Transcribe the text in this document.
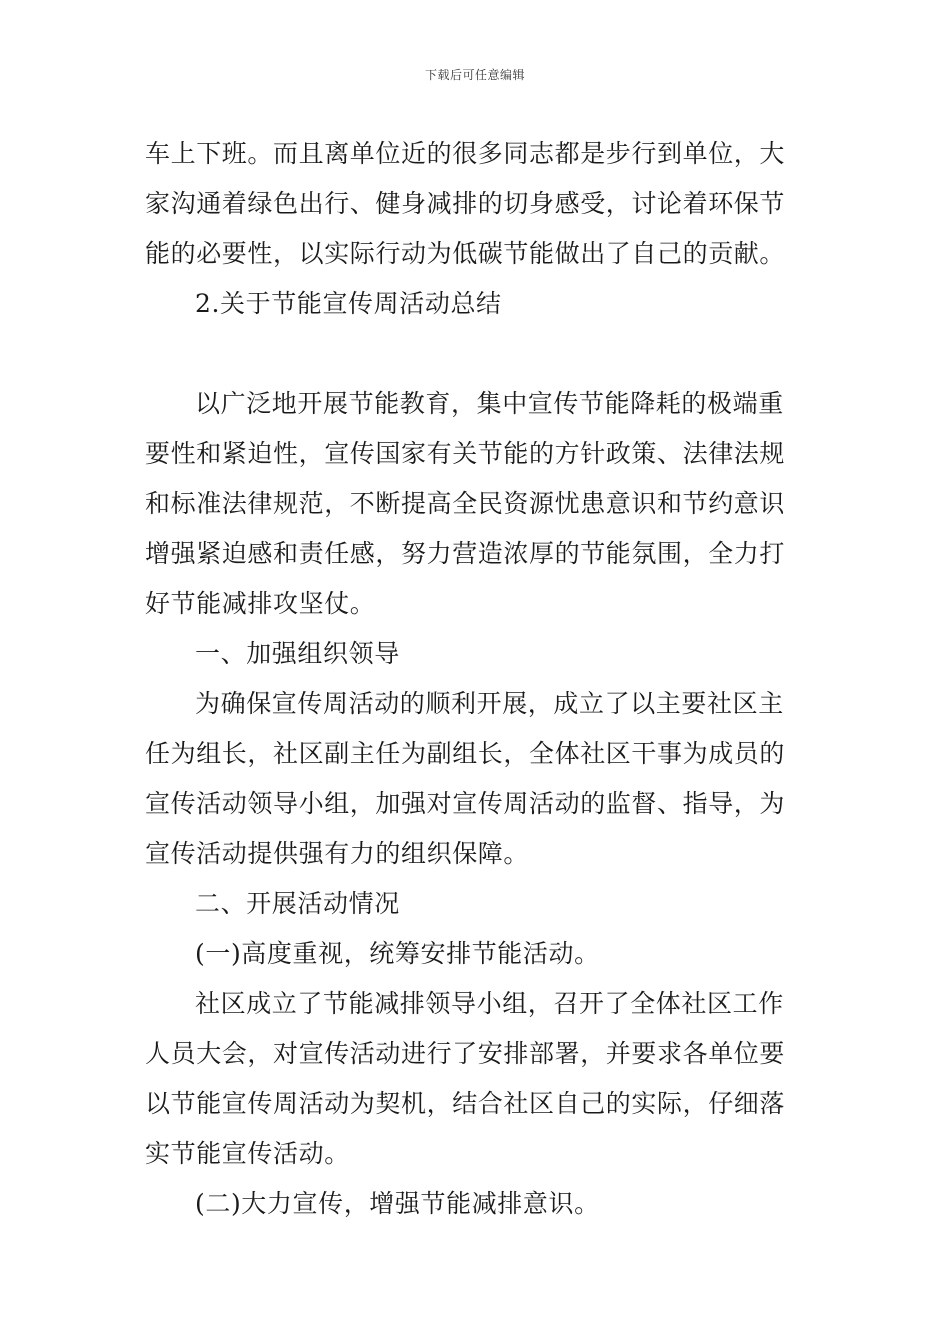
下载后可任意编辑
车上下班。而且离单位近的很多同志都是步行到单位，大
家沟通着绿色出行、健身减排的切身感受，讨论着环保节
能的必要性，以实际行动为低碳节能做出了自己的贡献。
2.关于节能宣传周活动总结
以广泛地开展节能教育，集中宣传节能降耗的极端重
要性和紧迫性，宣传国家有关节能的方针政策、法律法规
和标准法律规范，不断提高全民资源忧患意识和节约意识
增强紧迫感和责任感，努力营造浓厚的节能氛围，全力打
好节能减排攻坚仗。
一、加强组织领导
为确保宣传周活动的顺利开展，成立了以主要社区主
任为组长，社区副主任为副组长，全体社区干事为成员的
宣传活动领导小组，加强对宣传周活动的监督、指导，为
宣传活动提供强有力的组织保障。
二、开展活动情况
(一)高度重视，统筹安排节能活动。
社区成立了节能减排领导小组，召开了全体社区工作
人员大会，对宣传活动进行了安排部署，并要求各单位要
以节能宣传周活动为契机，结合社区自己的实际，仔细落
实节能宣传活动。
(二)大力宣传，增强节能减排意识。
